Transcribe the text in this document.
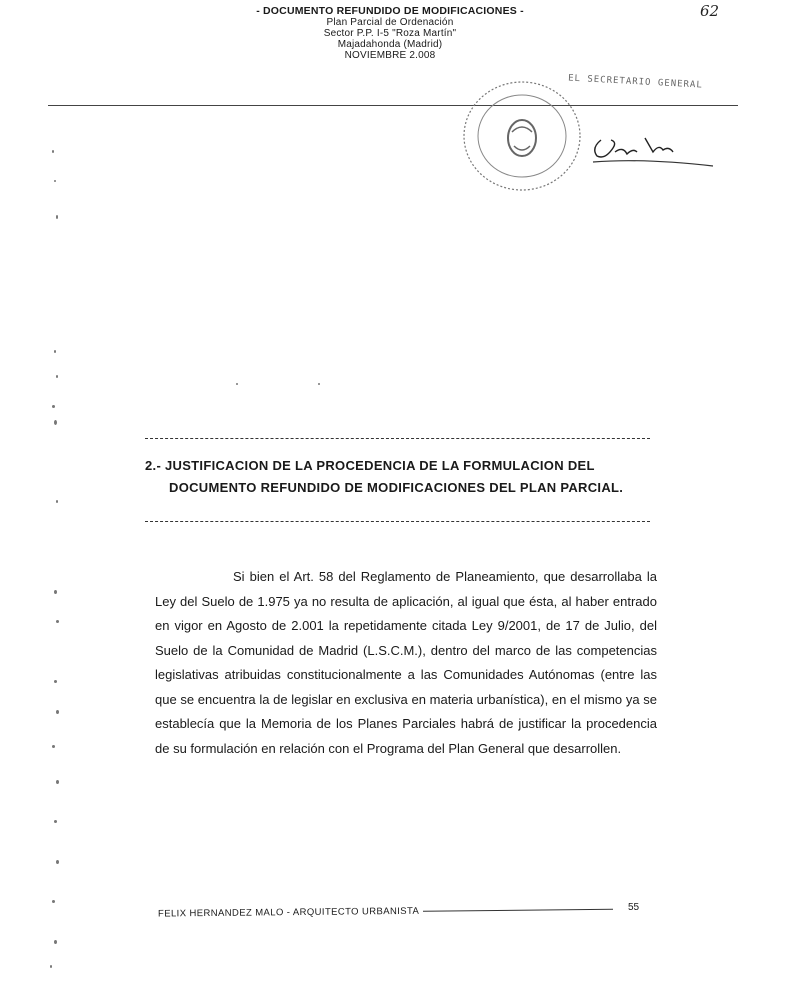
- DOCUMENTO REFUNDIDO DE MODIFICACIONES -
Plan Parcial de Ordenación
Sector P.P. I-5 "Roza Martín"
Majadahonda (Madrid)
NOVIEMBRE 2.008
62
EL SECRETARIO GENERAL
2.- JUSTIFICACION DE LA PROCEDENCIA DE LA FORMULACION DEL
DOCUMENTO REFUNDIDO DE MODIFICACIONES DEL PLAN PARCIAL.

Si bien el Art. 58 del Reglamento de Planeamiento, que desarrollaba la Ley del Suelo de 1.975 ya no resulta de aplicación, al igual que ésta, al haber entrado en vigor en Agosto de 2.001 la repetidamente citada Ley 9/2001, de 17 de Julio, del Suelo de la Comunidad de Madrid (L.S.C.M.), dentro del marco de las competencias legislativas atribuidas constitucionalmente a las Comunidades Autónomas (entre las que se encuentra la de legislar en exclusiva en materia urbanística), en el mismo ya se establecía que la Memoria de los Planes Parciales habrá de justificar la procedencia de su formulación en relación con el Programa del Plan General que desarrollen.

FELIX HERNANDEZ MALO - ARQUITECTO URBANISTA	55
